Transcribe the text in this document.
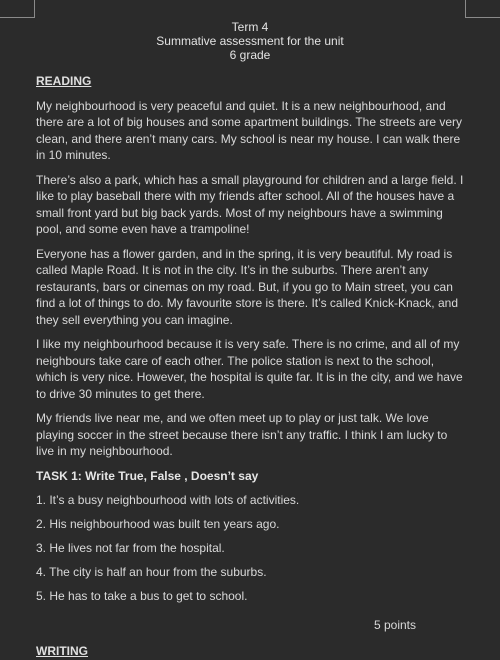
Term 4
Summative assessment for the unit
6 grade
READING

My neighbourhood is very peaceful and quiet. It is a new neighbourhood, and there are a lot of big houses and some apartment buildings. The streets are very clean, and there aren’t many cars. My school is near my house. I can walk there in 10 minutes.

There’s also a park, which has a small playground for children and a large field. I like to play baseball there with my friends after school. All of the houses have a small front yard but big back yards. Most of my neighbours have a swimming pool, and some even have a trampoline!

Everyone has a flower garden, and in the spring, it is very beautiful. My road is called Maple Road. It is not in the city. It’s in the suburbs. There aren’t any restaurants, bars or cinemas on my road. But, if you go to Main street, you can find a lot of things to do. My favourite store is there. It’s called Knick-Knack, and they sell everything you can imagine.

I like my neighbourhood because it is very safe. There is no crime, and all of my neighbours take care of each other. The police station is next to the school, which is very nice. However, the hospital is quite far. It is in the city, and we have to drive 30 minutes to get there.

My friends live near me, and we often meet up to play or just talk. We love playing soccer in the street because there isn’t any traffic. I think I am lucky to live in my neighbourhood.

TASK 1: Write True, False , Doesn’t say
1. It’s a busy neighbourhood with lots of activities.
2. His neighbourhood was built ten years ago.
3. He lives not far from the hospital.
4. The city is half an hour from the suburbs.
5. He has to take a bus to get to school.
5 points
WRITING
